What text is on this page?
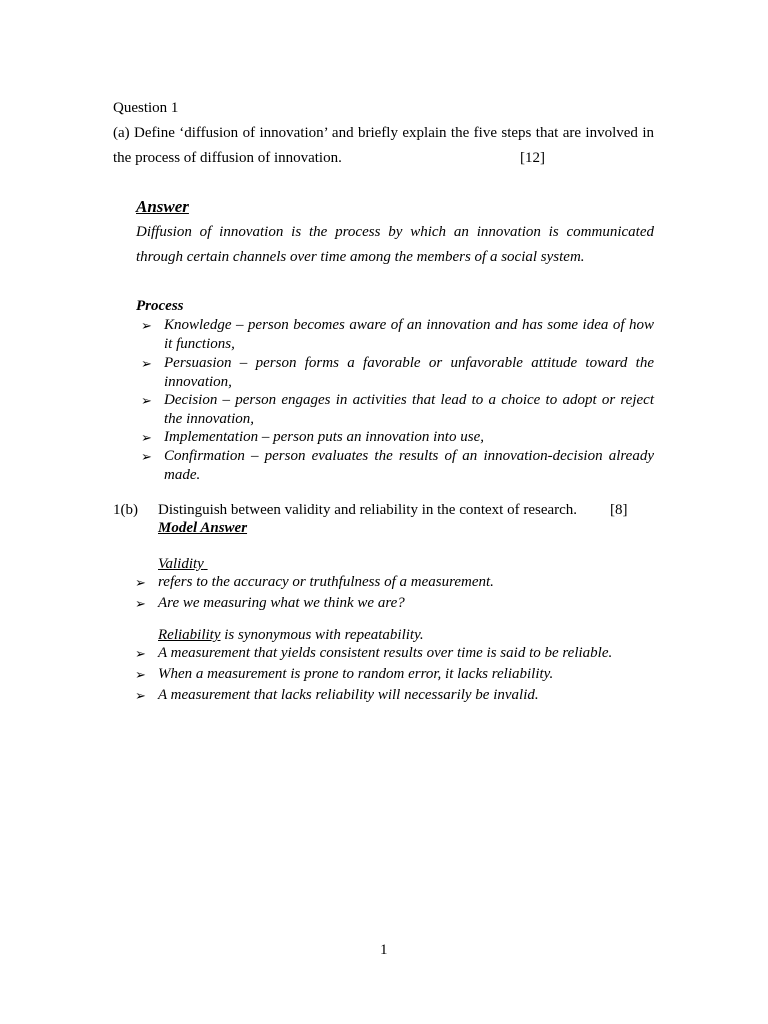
Question 1
(a) Define ‘diffusion of innovation’ and briefly explain the five steps that are involved in
the process of diffusion of innovation.	[12]
Answer
Diffusion of innovation is the process by which an innovation is communicated
through certain channels over time among the members of a social system.
Process
➢ Knowledge – person becomes aware of an innovation and has some idea of how
it functions,
➢ Persuasion – person forms a favorable or unfavorable attitude toward the
innovation,
➢ Decision – person engages in activities that lead to a choice to adopt or reject
the innovation,
➢ Implementation – person puts an innovation into use,
➢ Confirmation – person evaluates the results of an innovation-decision already
made.
1(b) Distinguish between validity and reliability in the context of research. [8]
Model Answer
Validity
➢ refers to the accuracy or truthfulness of a measurement.
➢ Are we measuring what we think we are?
Reliability is synonymous with repeatability.
➢ A measurement that yields consistent results over time is said to be reliable.
➢ When a measurement is prone to random error, it lacks reliability.
➢ A measurement that lacks reliability will necessarily be invalid.
1
